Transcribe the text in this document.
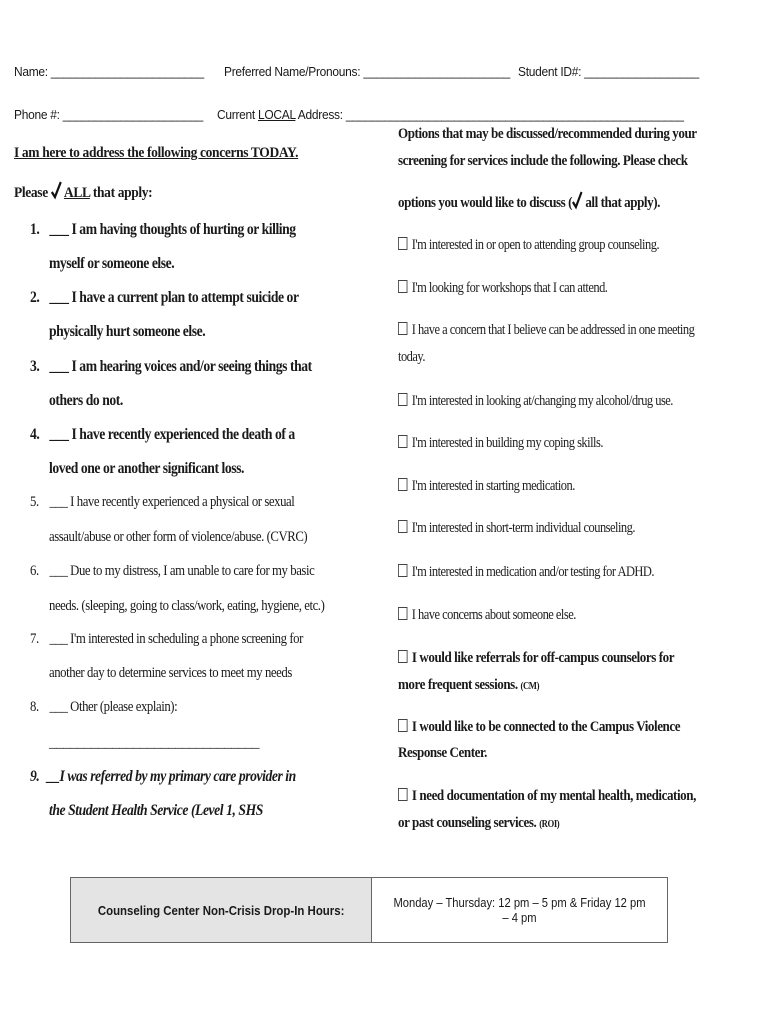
Name: ________________________ Preferred Name/Pronouns: _______________________ Student ID#: __________________
Phone #: ______________________ Current LOCAL Address: _____________________________________________________
I am here to address the following concerns TODAY.
Please ALL that apply:
1. ___ I am having thoughts of hurting or killing
myself or someone else.
2. ___ I have a current plan to attempt suicide or
physically hurt someone else.
3. ___ I am hearing voices and/or seeing things that
others do not.
4. ___ I have recently experienced the death of a
loved one or another significant loss.
5. ___ I have recently experienced a physical or sexual
assault/abuse or other form of violence/abuse. (CVRC)
6. ___ Due to my distress, I am unable to care for my basic
needs. (sleeping, going to class/work, eating, hygiene, etc.)
7. ___ I'm interested in scheduling a phone screening for
another day to determine services to meet my needs
8. ___ Other (please explain):
______________________________
9. __I was referred by my primary care provider in
the Student Health Service (Level 1, SHS
Options that may be discussed/recommended during your
screening for services include the following. Please check
options you would like to discuss ( all that apply).
I'm interested in or open to attending group counseling.
I'm looking for workshops that I can attend.
I have a concern that I believe can be addressed in one meeting
today.
I'm interested in looking at/changing my alcohol/drug use.
I'm interested in building my coping skills.
I'm interested in starting medication.
I'm interested in short-term individual counseling.
I'm interested in medication and/or testing for ADHD.
I have concerns about someone else.
I would like referrals for off-campus counselors for
more frequent sessions. (CM)
I would like to be connected to the Campus Violence
Response Center.
I need documentation of my mental health, medication,
or past counseling services. (ROI)
Counseling Center Non-Crisis Drop-In Hours:	Monday – Thursday: 12 pm – 5 pm & Friday 12 pm – 4 pm
